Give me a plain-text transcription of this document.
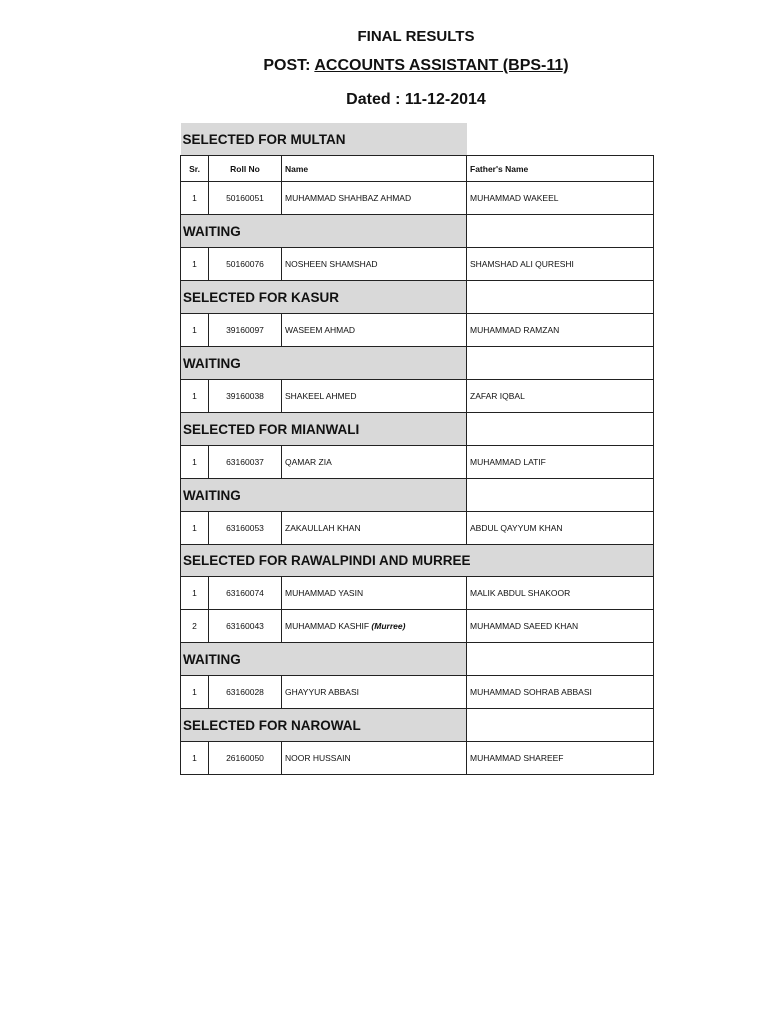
FINAL RESULTS
POST: ACCOUNTS ASSISTANT (BPS-11)
Dated : 11-12-2014
SELECTED FOR MULTAN			
Sr.	Roll No	Name	Father's Name
1	50160051	MUHAMMAD SHAHBAZ AHMAD	MUHAMMAD WAKEEL
WAITING			
1	50160076	NOSHEEN SHAMSHAD	SHAMSHAD ALI QURESHI
SELECTED FOR KASUR			
1	39160097	WASEEM AHMAD	MUHAMMAD RAMZAN
WAITING			
1	39160038	SHAKEEL AHMED	ZAFAR IQBAL
SELECTED FOR MIANWALI			
1	63160037	QAMAR ZIA	MUHAMMAD LATIF
WAITING			
1	63160053	ZAKAULLAH KHAN	ABDUL QAYYUM KHAN
SELECTED FOR RAWALPINDI AND MURREE			
1	63160074	MUHAMMAD YASIN	MALIK ABDUL SHAKOOR
2	63160043	MUHAMMAD KASHIF (Murree)	MUHAMMAD SAEED KHAN
WAITING			
1	63160028	GHAYYUR ABBASI	MUHAMMAD SOHRAB ABBASI
SELECTED FOR NAROWAL			
1	26160050	NOOR HUSSAIN	MUHAMMAD SHAREEF
